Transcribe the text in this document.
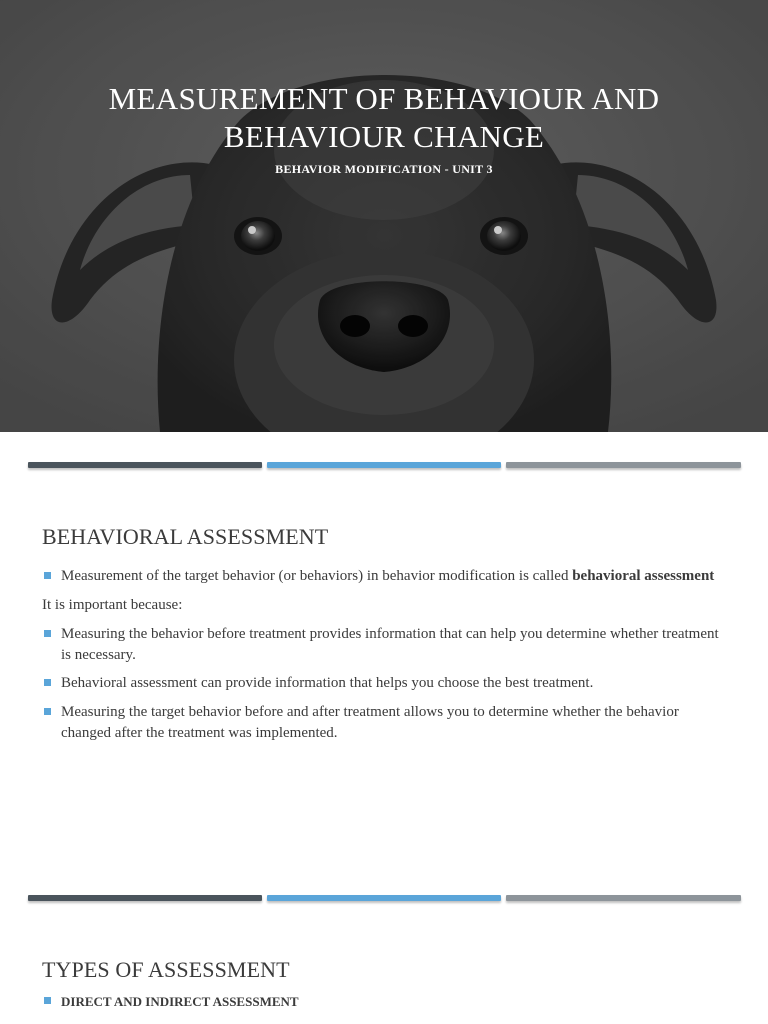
MEASUREMENT OF BEHAVIOUR AND
BEHAVIOUR CHANGE
BEHAVIOR MODIFICATION - UNIT 3
BEHAVIORAL ASSESSMENT

Measurement of the target behavior (or behaviors) in behavior modification is called behavioral assessment

It is important because:

Measuring the behavior before treatment provides information that can help you determine whether treatment is necessary.

Behavioral assessment can provide information that helps you choose the best treatment.

Measuring the target behavior before and after treatment allows you to determine whether the behavior changed after the treatment was implemented.

TYPES OF ASSESSMENT

DIRECT AND INDIRECT ASSESSMENT
